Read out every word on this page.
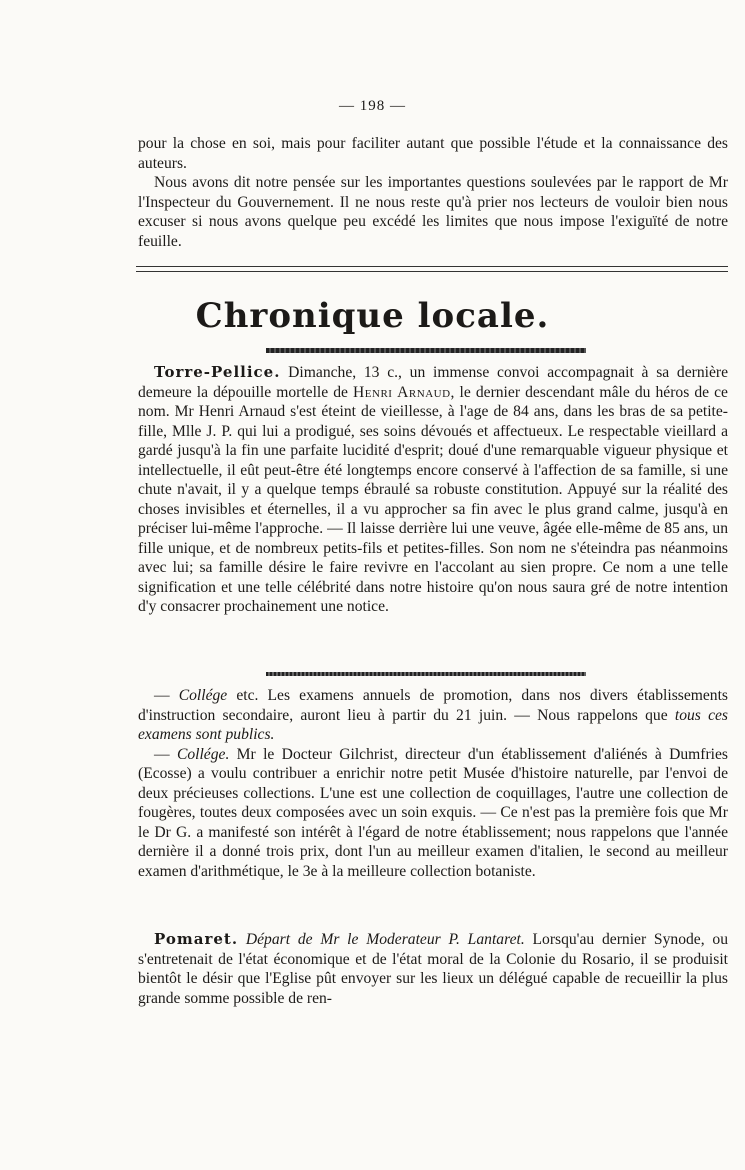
— 198 —

pour la chose en soi, mais pour faciliter autant que possible l'étude et la connaissance des auteurs.

Nous avons dit notre pensée sur les importantes questions soulevées par le rapport de Mr l'Inspecteur du Gouvernement. Il ne nous reste qu'à prier nos lecteurs de vouloir bien nous excuser si nous avons quelque peu excédé les limites que nous impose l'exiguïté de notre feuille.

Chronique locale.

Torre-Pellice. Dimanche, 13 c., un immense convoi accompagnait à sa dernière demeure la dépouille mortelle de Henri Arnaud, le dernier descendant mâle du héros de ce nom. Mr Henri Arnaud s'est éteint de vieillesse, à l'age de 84 ans, dans les bras de sa petite-fille, Mlle J. P. qui lui a prodigué, ses soins dévoués et affectueux. Le respectable vieillard a gardé jusqu'à la fin une parfaite lucidité d'esprit; doué d'une remarquable vigueur physique et intellectuelle, il eût peut-être été longtemps encore conservé à l'affection de sa famille, si une chute n'avait, il y a quelque temps ébraulé sa robuste constitution. Appuyé sur la réalité des choses invisibles et éternelles, il a vu approcher sa fin avec le plus grand calme, jusqu'à en préciser lui-même l'approche. — Il laisse derrière lui une veuve, âgée elle-même de 85 ans, un fille unique, et de nombreux petits-fils et petites-filles. Son nom ne s'éteindra pas néanmoins avec lui; sa famille désire le faire revivre en l'accolant au sien propre. Ce nom a une telle signification et une telle célébrité dans notre histoire qu'on nous saura gré de notre intention d'y consacrer prochainement une notice.

— Collége etc. Les examens annuels de promotion, dans nos divers établissements d'instruction secondaire, auront lieu à partir du 21 juin. — Nous rappelons que tous ces examens sont publics.

— Collége. Mr le Docteur Gilchrist, directeur d'un établissement d'aliénés à Dumfries (Ecosse) a voulu contribuer a enrichir notre petit Musée d'histoire naturelle, par l'envoi de deux précieuses collections. L'une est une collection de coquillages, l'autre une collection de fougères, toutes deux composées avec un soin exquis. — Ce n'est pas la première fois que Mr le Dr G. a manifesté son intérêt à l'égard de notre établissement; nous rappelons que l'année dernière il a donné trois prix, dont l'un au meilleur examen d'italien, le second au meilleur examen d'arithmétique, le 3e à la meilleure collection botaniste.

Pomaret. Départ de Mr le Moderateur P. Lantaret. Lorsqu'au dernier Synode, ou s'entretenait de l'état économique et de l'état moral de la Colonie du Rosario, il se produisit bientôt le désir que l'Eglise pût envoyer sur les lieux un délégué capable de recueillir la plus grande somme possible de ren-
